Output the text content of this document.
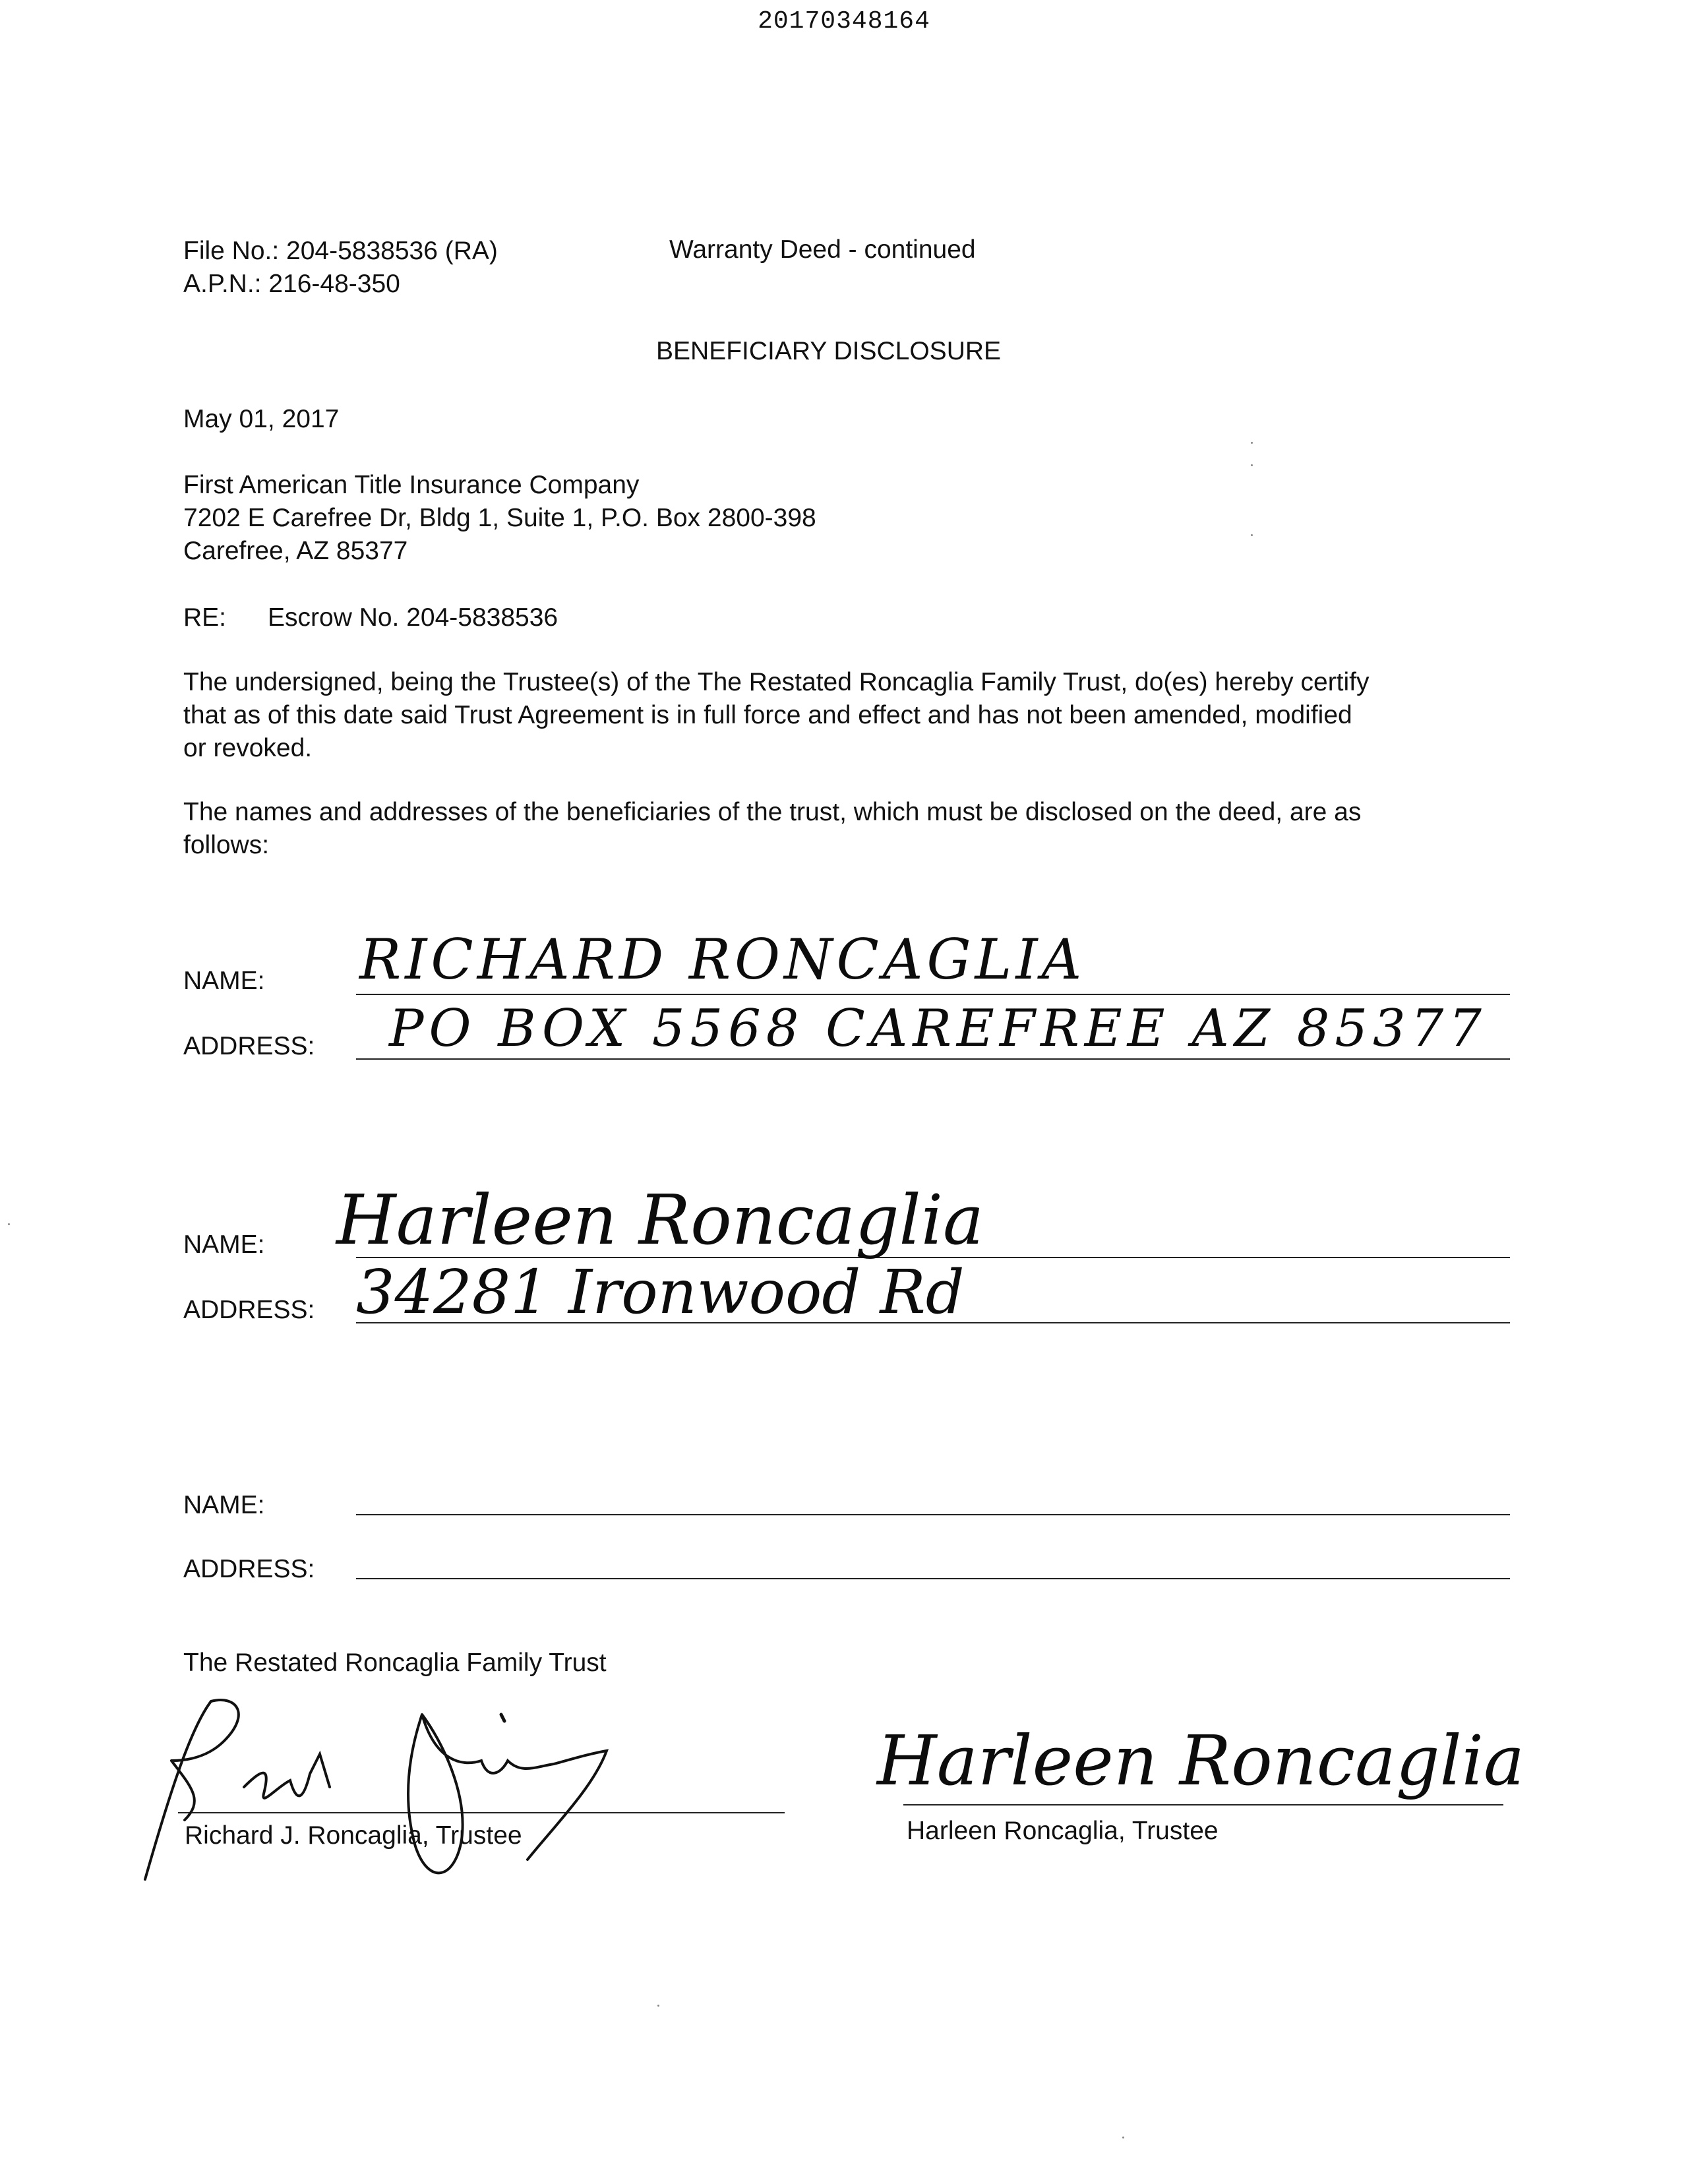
20170348164
File No.: 204-5838536 (RA)
A.P.N.: 216-48-350
Warranty Deed - continued
BENEFICIARY DISCLOSURE
May 01, 2017
First American Title Insurance Company
7202 E Carefree Dr, Bldg 1, Suite 1, P.O. Box 2800-398
Carefree, AZ 85377
RE: Escrow No. 204-5838536
The undersigned, being the Trustee(s) of the The Restated Roncaglia Family Trust, do(es) hereby certify
that as of this date said Trust Agreement is in full force and effect and has not been amended, modified
or revoked.
The names and addresses of the beneficiaries of the trust, which must be disclosed on the deed, are as
follows:
NAME: RICHARD RONCAGLIA
ADDRESS: PO BOX 5568 CAREFREE AZ 85377
NAME: Harleen Roncaglia
ADDRESS: 34281 Ironwood Rd
NAME:
ADDRESS:
The Restated Roncaglia Family Trust
Richard J. Roncaglia, Trustee
Harleen Roncaglia
Harleen Roncaglia, Trustee
